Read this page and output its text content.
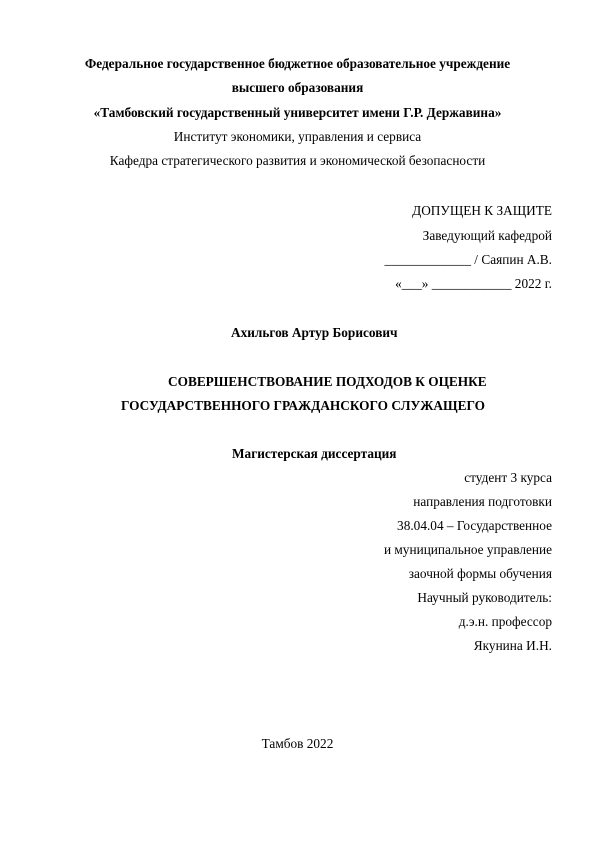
Федеральное государственное бюджетное образовательное учреждение
высшего образования
«Тамбовский государственный университет имени Г.Р. Державина»
Институт экономики, управления и сервиса
Кафедра стратегического развития и экономической безопасности
ДОПУЩЕН К ЗАЩИТЕ
Заведующий кафедрой
_____________ / Саяпин А.В.
«___» ____________ 2022 г.
Ахильгов Артур Борисович
СОВЕРШЕНСТВОВАНИЕ ПОДХОДОВ К ОЦЕНКЕ
ГОСУДАРСТВЕННОГО ГРАЖДАНСКОГО СЛУЖАЩЕГО
Магистерская диссертация
студент 3 курса
направления подготовки
38.04.04 – Государственное
и муниципальное управление
заочной формы обучения
Научный руководитель:
д.э.н. профессор
Якунина И.Н.
Тамбов 2022
